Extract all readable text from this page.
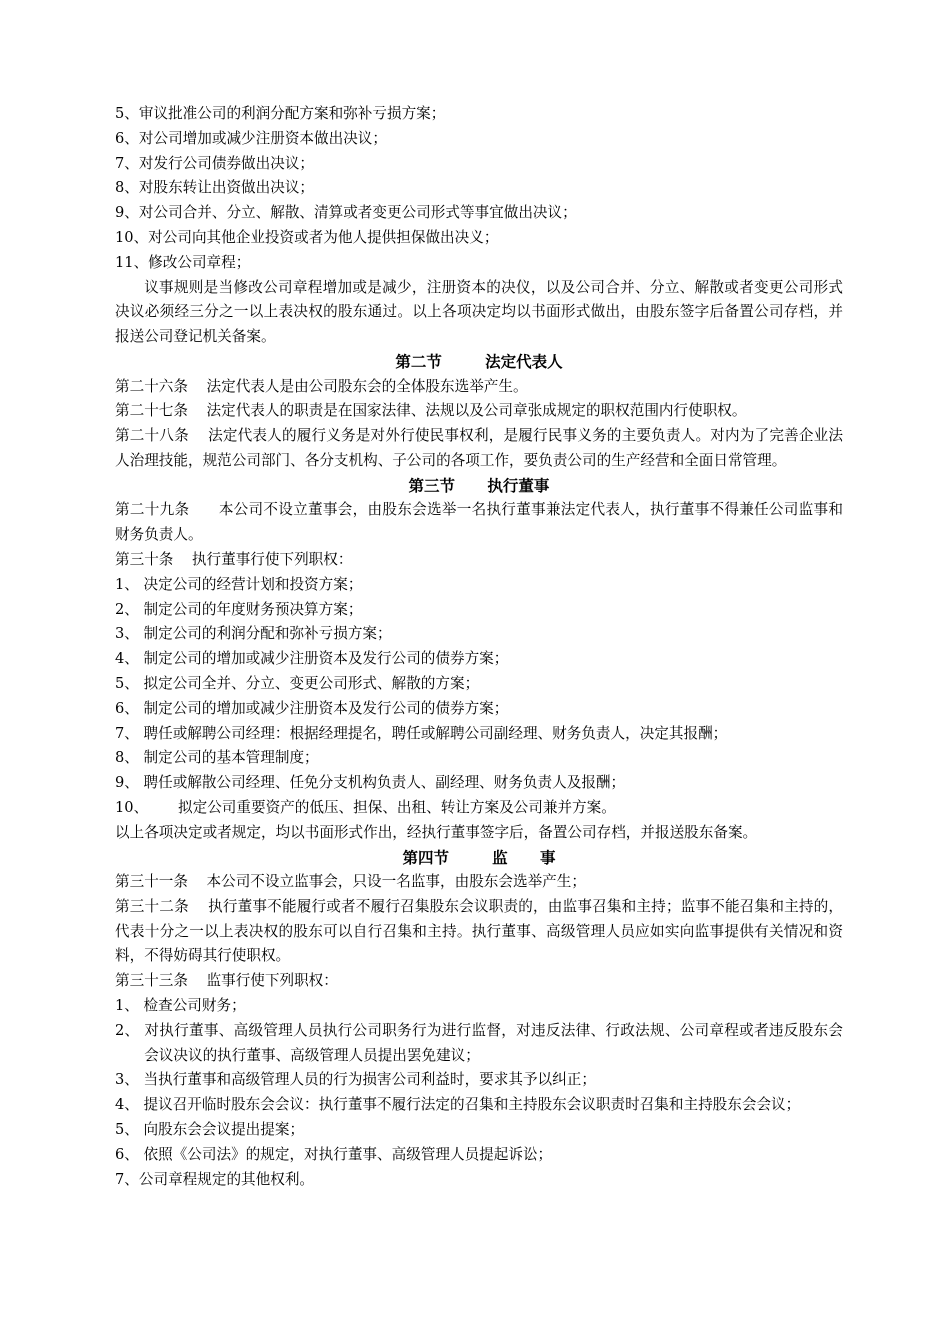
5、审议批准公司的利润分配方案和弥补亏损方案；

6、对公司增加或减少注册资本做出决议；

7、对发行公司债券做出决议；

8、对股东转让出资做出决议；

9、对公司合并、分立、解散、清算或者变更公司形式等事宜做出决议；

10、对公司向其他企业投资或者为他人提供担保做出决义；

11、修改公司章程；

议事规则是当修改公司章程增加或是减少，注册资本的决仪，以及公司合并、分立、解散或者变更公司形式决议必须经三分之一以上表决权的股东通过。以上各项决定均以书面形式做出，由股东签字后备置公司存档，并报送公司登记机关备案。

第二节        法定代表人

第二十六条    法定代表人是由公司股东会的全体股东选举产生。

第二十七条    法定代表人的职责是在国家法律、法规以及公司章张成规定的职权范围内行使职权。

第二十八条    法定代表人的履行义务是对外行使民事权利，是履行民事义务的主要负责人。对内为了完善企业法人治理技能，规范公司部门、各分支机构、子公司的各项工作，要负责公司的生产经营和全面日常管理。

第三节      执行董事

第二十九条      本公司不设立董事会，由股东会选举一名执行董事兼法定代表人，执行董事不得兼任公司监事和财务负责人。

第三十条    执行董事行使下列职权：

1、 决定公司的经营计划和投资方案；

2、 制定公司的年度财务预决算方案；

3、 制定公司的利润分配和弥补亏损方案；

4、 制定公司的增加或减少注册资本及发行公司的债券方案；

5、 拟定公司全并、分立、变更公司形式、解散的方案；

6、 制定公司的增加或减少注册资本及发行公司的债券方案；

7、 聘任或解聘公司经理：根据经理提名，聘任或解聘公司副经理、财务负责人，决定其报酬；

8、 制定公司的基本管理制度；

9、 聘任或解散公司经理、任免分支机构负责人、副经理、财务负责人及报酬；

10、 拟定公司重要资产的低压、担保、出租、转让方案及公司兼并方案。

以上各项决定或者规定，均以书面形式作出，经执行董事签字后，备置公司存档，并报送股东备案。

第四节        监      事

第三十一条    本公司不设立监事会，只设一名监事，由股东会选举产生；

第三十二条    执行董事不能履行或者不履行召集股东会议职责的，由监事召集和主持；监事不能召集和主持的，代表十分之一以上表决权的股东可以自行召集和主持。执行董事、高级管理人员应如实向监事提供有关情况和资料，不得妨碍其行使职权。

第三十三条    监事行使下列职权：

1、 检查公司财务；

2、 对执行董事、高级管理人员执行公司职务行为进行监督，对违反法律、行政法规、公司章程或者违反股东会会议决议的执行董事、高级管理人员提出罢免建议；

3、 当执行董事和高级管理人员的行为损害公司利益时，要求其予以纠正；

4、 提议召开临时股东会会议：执行董事不履行法定的召集和主持股东会议职责时召集和主持股东会会议；

5、 向股东会会议提出提案；

6、 依照《公司法》的规定，对执行董事、高级管理人员提起诉讼；

7、公司章程规定的其他权利。
